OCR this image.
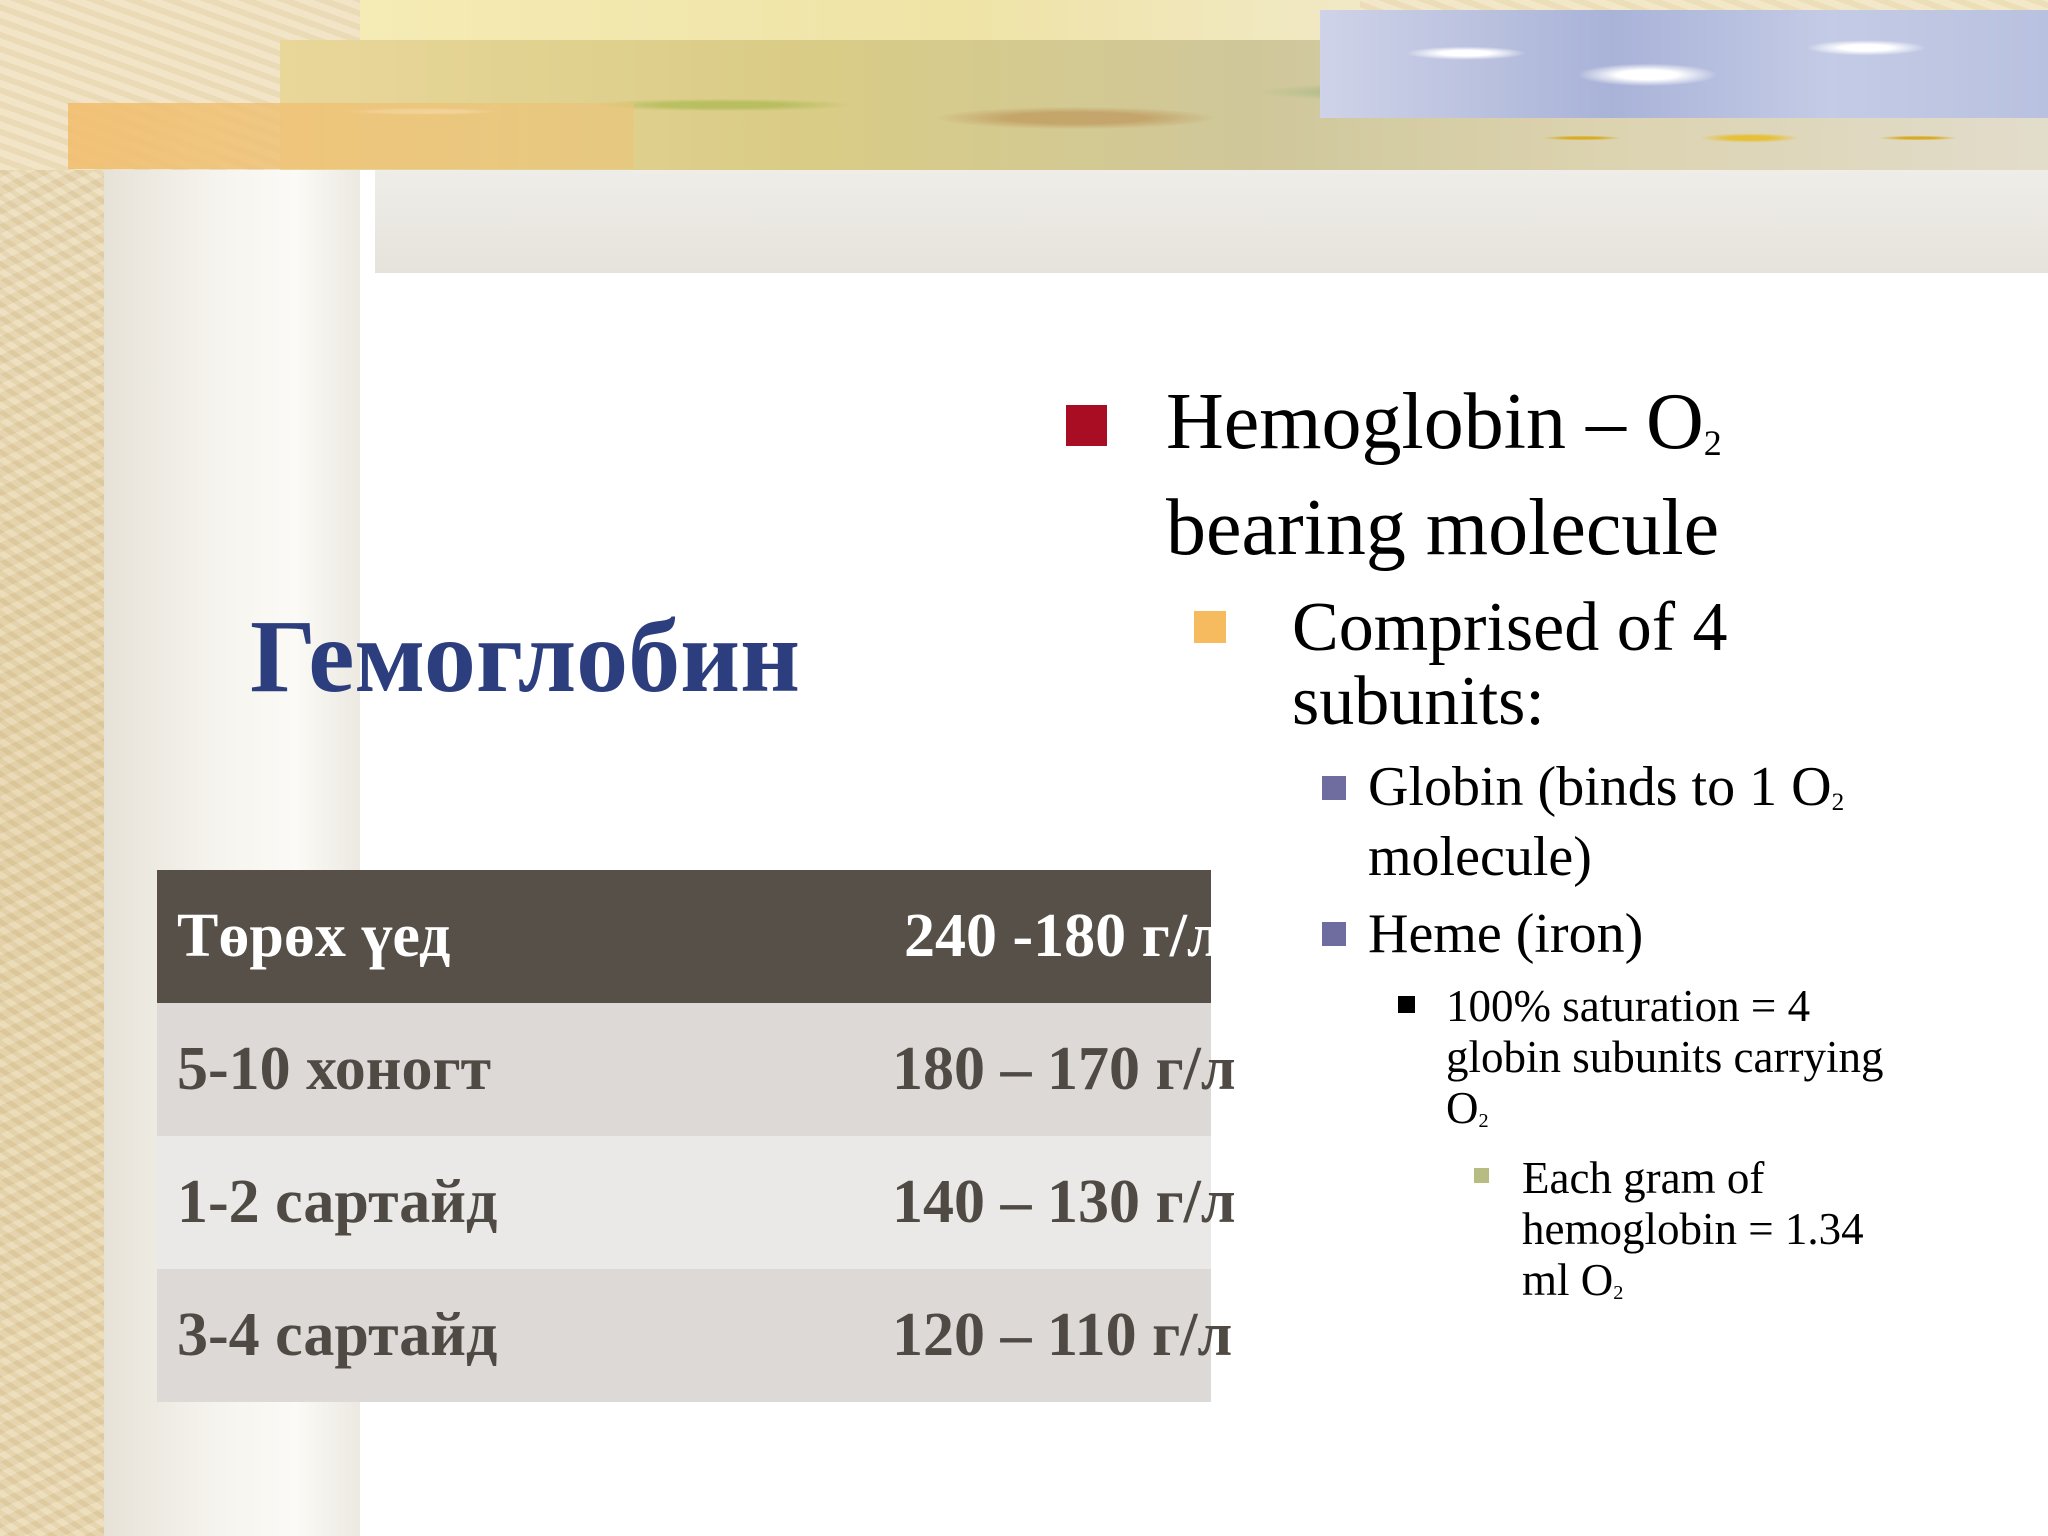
Гемоглобин
Төрөх үед	240 -180 г/л
5-10 хоногт	180 – 170 г/л
1-2 сартайд	140 – 130 г/л
3-4 сартайд	120 – 110 г/л
Hemoglobin – $O_2$
bearing molecule
Comprised of 4
subunits:
Globin (binds to 1 $O_2$
molecule)
Heme (iron)
100% saturation = 4
globin subunits carrying
$O_2$
Each gram of
hemoglobin = 1.34
ml $O_2$
